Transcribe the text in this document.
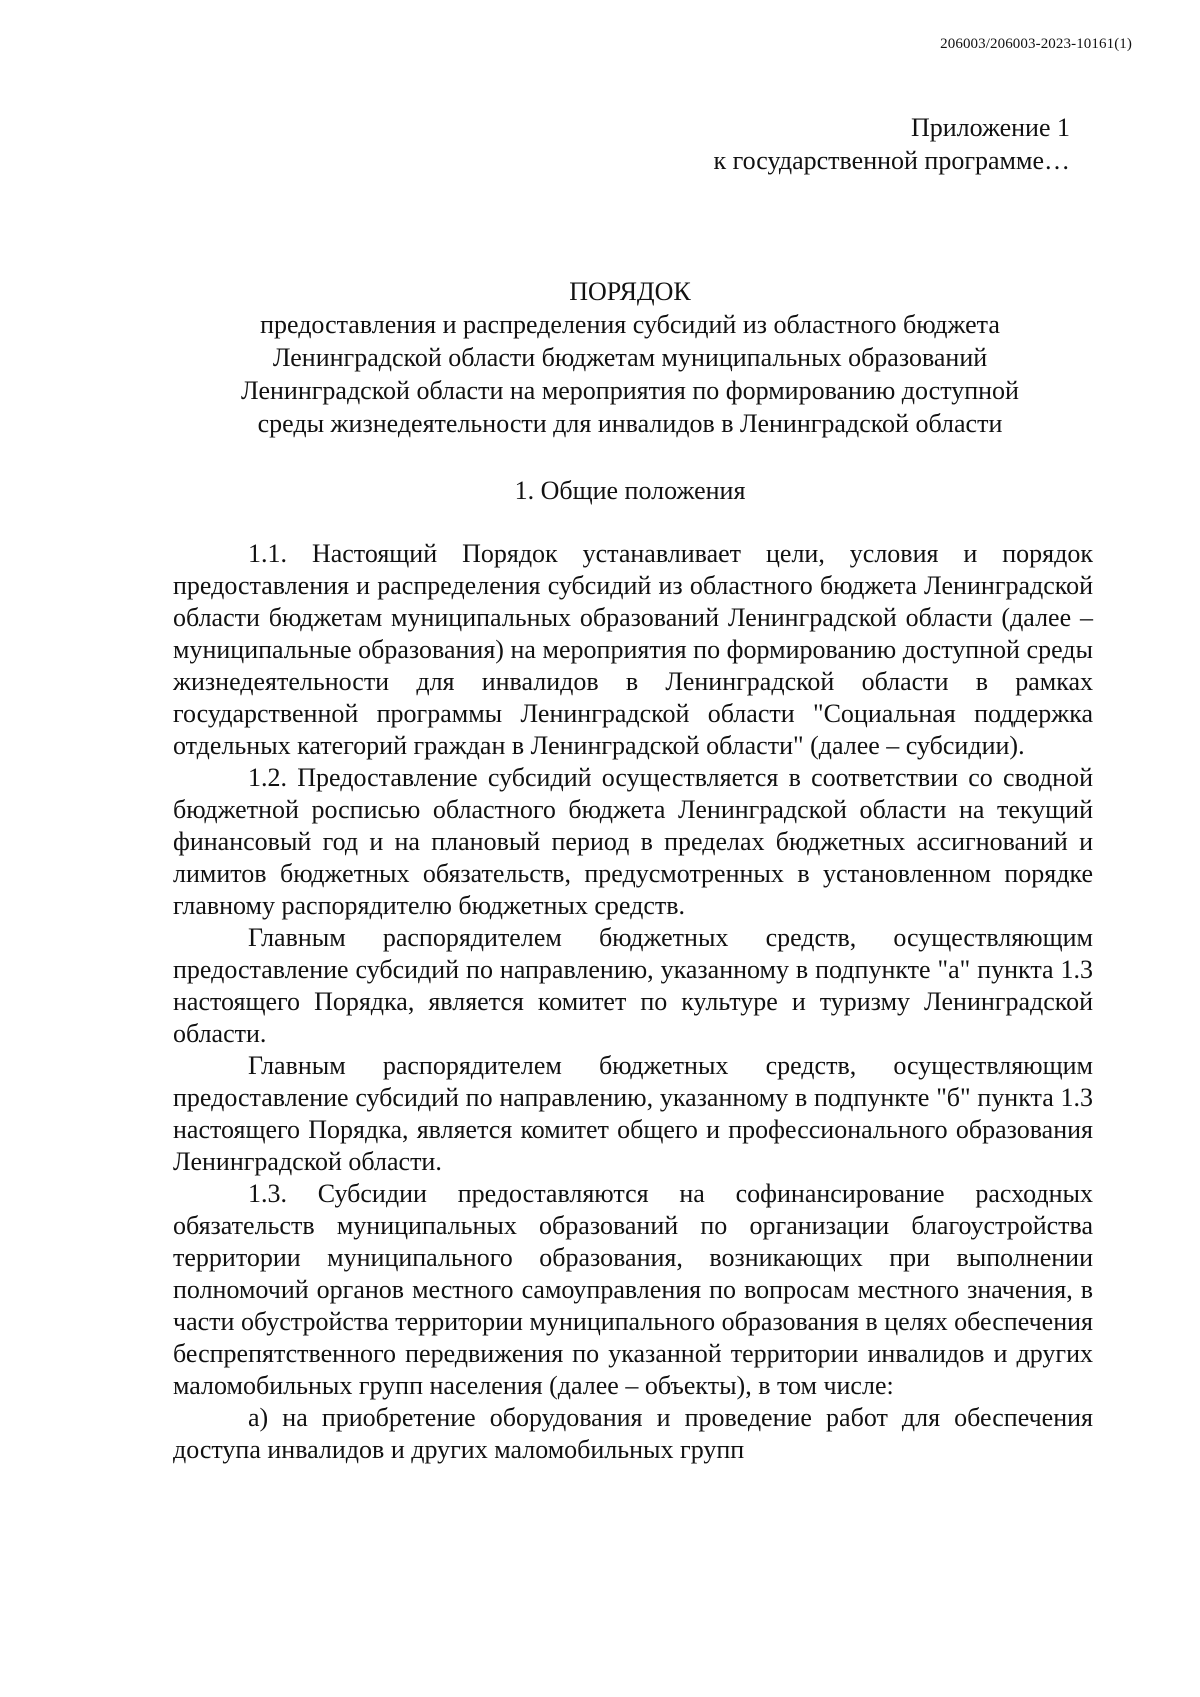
206003/206003-2023-10161(1)
Приложение 1
к государственной программе…
ПОРЯДОК
предоставления и распределения субсидий из областного бюджета
Ленинградской области бюджетам муниципальных образований
Ленинградской области на мероприятия по формированию доступной
среды жизнедеятельности для инвалидов в Ленинградской области
1. Общие положения

1.1. Настоящий Порядок устанавливает цели, условия и порядок предоставления и распределения субсидий из областного бюджета Ленинградской области бюджетам муниципальных образований Ленинградской области (далее – муниципальные образования) на мероприятия по формированию доступной среды жизнедеятельности для инвалидов в Ленинградской области в рамках государственной программы Ленинградской области "Социальная поддержка отдельных категорий граждан в Ленинградской области" (далее – субсидии).

1.2. Предоставление субсидий осуществляется в соответствии со сводной бюджетной росписью областного бюджета Ленинградской области на текущий финансовый год и на плановый период в пределах бюджетных ассигнований и лимитов бюджетных обязательств, предусмотренных в установленном порядке главному распорядителю бюджетных средств.

Главным распорядителем бюджетных средств, осуществляющим предоставление субсидий по направлению, указанному в подпункте "а" пункта 1.3 настоящего Порядка, является комитет по культуре и туризму Ленинградской области.

Главным распорядителем бюджетных средств, осуществляющим предоставление субсидий по направлению, указанному в подпункте "б" пункта 1.3 настоящего Порядка, является комитет общего и профессионального образования Ленинградской области.

1.3. Субсидии предоставляются на софинансирование расходных обязательств муниципальных образований по организации благоустройства территории муниципального образования, возникающих при выполнении полномочий органов местного самоуправления по вопросам местного значения, в части обустройства территории муниципального образования в целях обеспечения беспрепятственного передвижения по указанной территории инвалидов и других маломобильных групп населения (далее – объекты), в том числе:

а) на приобретение оборудования и проведение работ для обеспечения доступа инвалидов и других маломобильных групп
